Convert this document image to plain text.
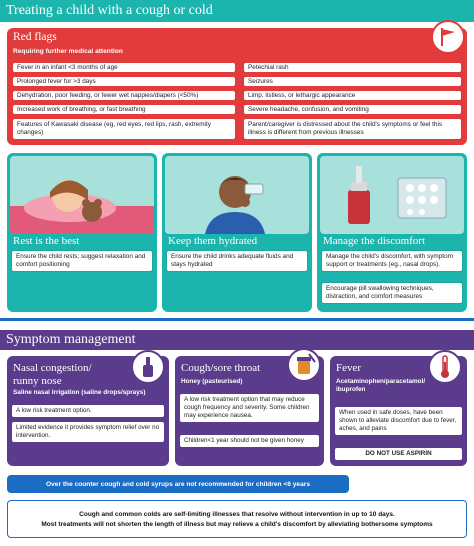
Treating a child with a cough or cold
Red flags
Requiring further medical attention
Fever in an infant <3 months of age
Prolonged fever for >3 days
Dehydration, poor feeding, or fewer wet nappies/diapers (<50%)
Increased work of breathing, or fast breathing
Features of Kawasaki disease (eg, red eyes, red lips, rash, extremity changes)
Petechial rash
Seizures
Limp, listless, or lethargic appearance
Severe headache, confusion, and vomiting
Parent/caregiver is distressed about the child's symptoms or feel this illness is different from previous illnesses
Rest is the best
Ensure the child rests; suggest relaxation and comfort positioning
Keep them hydrated
Ensure the child drinks adequate fluids and stays hydrated
Manage the discomfort
Manage the child's discomfort, with symptom support or treatments (eg., nasal drops).
Encourage pill swallowing techniques, distraction, and comfort measures
Symptom management
Nasal congestion/
runny nose
Saline nasal irrigation (saline drops/sprays)
A low risk treatment option.
Limited evidence it provides symptom relief over no intervention.
Cough/sore throat
Honey (pasteurised)
A low risk treatment option that may reduce cough frequency and severity. Some children may experience nausea.
Children<1 year should not be given honey
Fever
Acetaminophen/paracetamol/ ibuprofen
When used in safe doses, have been shown to alleviate discomfort due to fever, aches, and pains
DO NOT USE ASPIRIN
Over the counter cough and cold syrups are not recommended for children <6 years
Cough and common colds are self-limiting illnesses that resolve without intervention in up to 10 days.
Most treatments will not shorten the length of illness but may relieve a child's discomfort by alleviating bothersome symptoms
